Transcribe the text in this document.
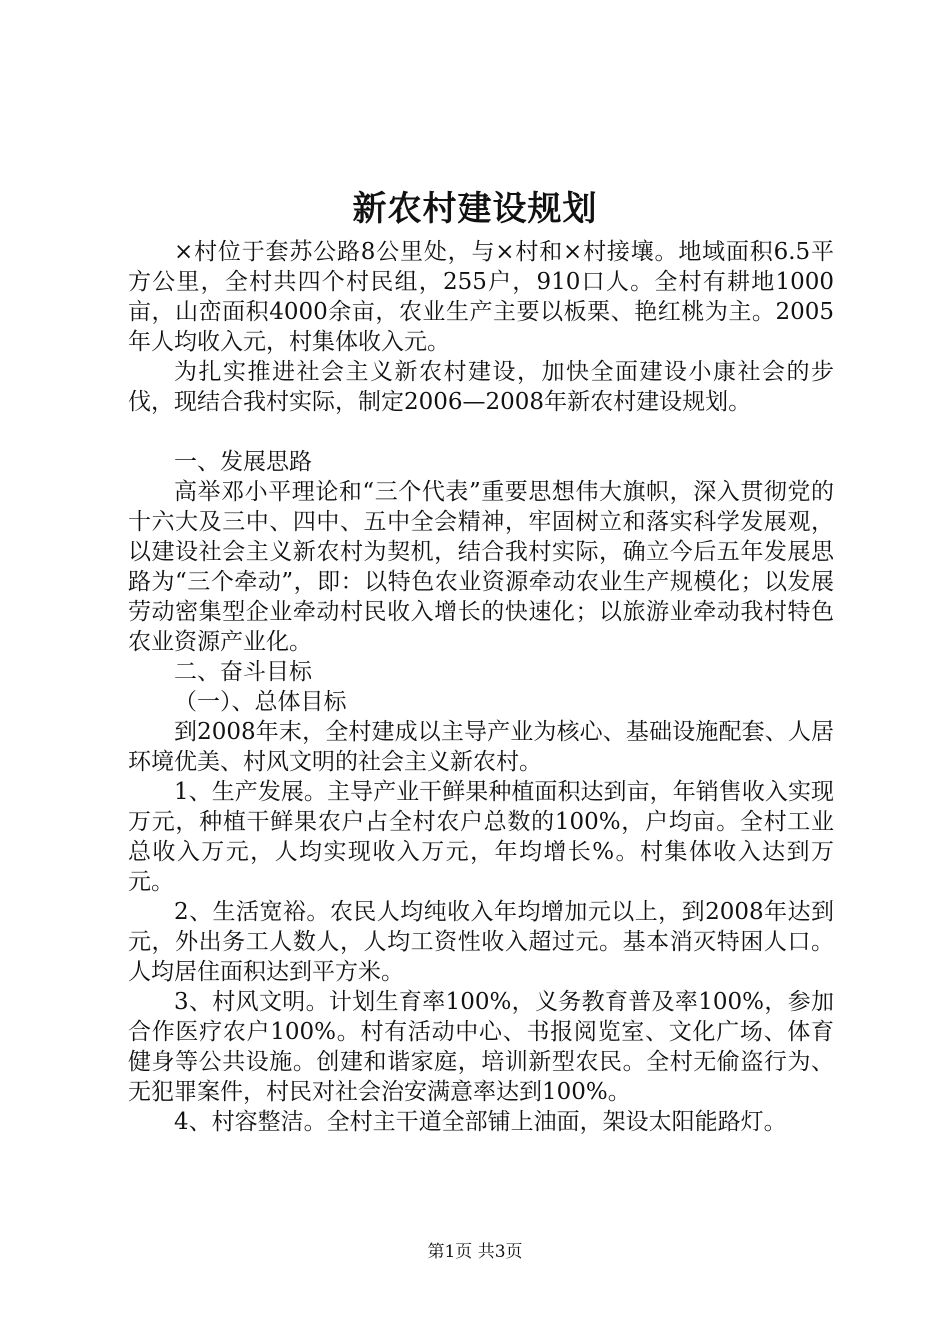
新农村建设规划

×村位于套苏公路8公里处，与×村和×村接壤。地域面积6.5平方公里，全村共四个村民组，255户，910口人。全村有耕地1000亩，山峦面积4000余亩，农业生产主要以板栗、艳红桃为主。2005年人均收入元，村集体收入元。

为扎实推进社会主义新农村建设，加快全面建设小康社会的步伐，现结合我村实际，制定2006—2008年新农村建设规划。

一、发展思路

高举邓小平理论和“三个代表”重要思想伟大旗帜，深入贯彻党的十六大及三中、四中、五中全会精神，牢固树立和落实科学发展观，以建设社会主义新农村为契机，结合我村实际，确立今后五年发展思路为“三个牵动”，即：以特色农业资源牵动农业生产规模化；以发展劳动密集型企业牵动村民收入增长的快速化；以旅游业牵动我村特色农业资源产业化。

二、奋斗目标

（一）、总体目标

到2008年末，全村建成以主导产业为核心、基础设施配套、人居环境优美、村风文明的社会主义新农村。

1、生产发展。主导产业干鲜果种植面积达到亩，年销售收入实现万元，种植干鲜果农户占全村农户总数的100%，户均亩。全村工业总收入万元，人均实现收入万元，年均增长%。村集体收入达到万元。

2、生活宽裕。农民人均纯收入年均增加元以上，到2008年达到元，外出务工人数人，人均工资性收入超过元。基本消灭特困人口。人均居住面积达到平方米。

3、村风文明。计划生育率100%，义务教育普及率100%，参加合作医疗农户100%。村有活动中心、书报阅览室、文化广场、体育健身等公共设施。创建和谐家庭，培训新型农民。全村无偷盗行为、无犯罪案件，村民对社会治安满意率达到100%。

4、村容整洁。全村主干道全部铺上油面，架设太阳能路灯。

第1页 共3页
